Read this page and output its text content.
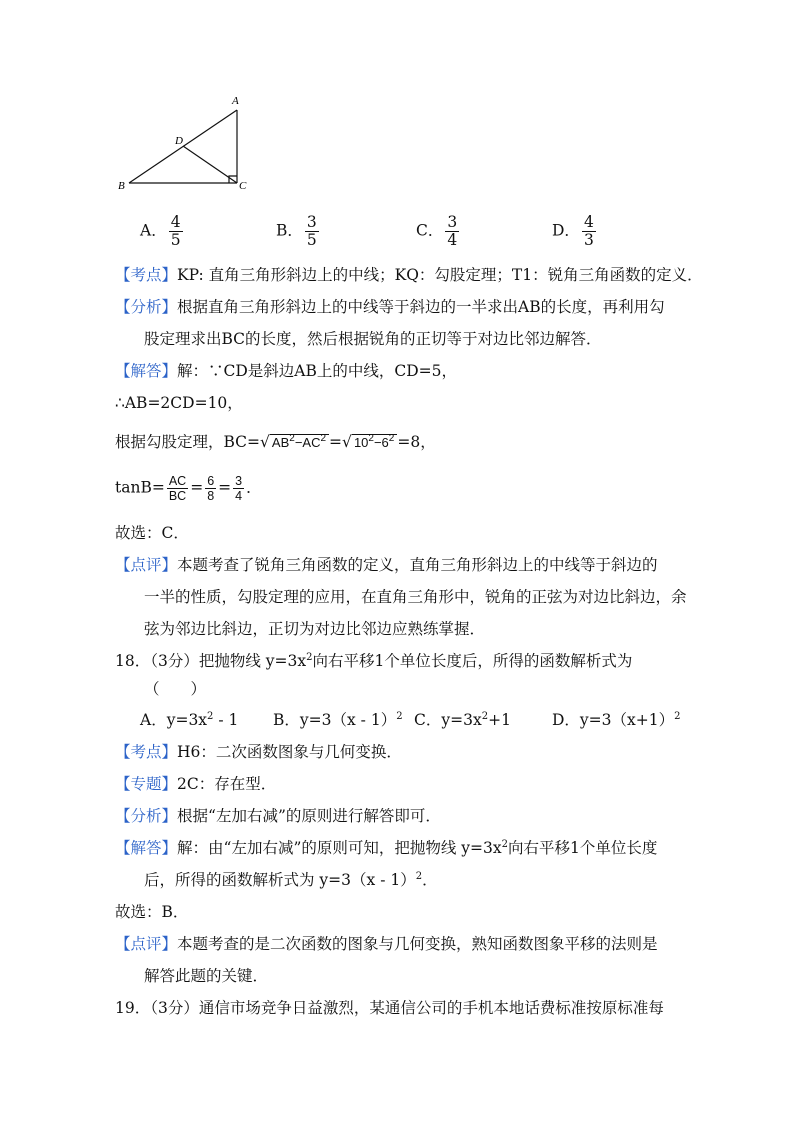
A
B	C
D
A． $\frac{4}{5}$	B． $\frac{3}{5}$	C． $\frac{3}{4}$	D． $\frac{4}{3}$
【考点】KP: 直角三角形斜边上的中线；KQ：勾股定理；T1：锐角三角函数的定义．
【分析】根据直角三角形斜边上的中线等于斜边的一半求出AB的长度，再利用勾
股定理求出BC的长度，然后根据锐角的正切等于对边比邻边解答．
【解答】解：∵CD是斜边AB上的中线，CD=5，
∴AB=2CD=10，
根据勾股定理，BC=√ $AB^2-AC^2$ =√ $10^2-6^2 =8$，
$\tan B= \frac{AC}{BC} = \frac{6}{8} = \frac{3}{4}$ ．
故选：C．
【点评】本题考查了锐角三角函数的定义，直角三角形斜边上的中线等于斜边的
一半的性质，勾股定理的应用，在直角三角形中，锐角的正弦为对边比斜边，余
弦为邻边比斜边，正切为对边比邻边应熟练掌握．
18．（3分）把抛物线 $y=3x^2$向右平移1个单位长度后，所得的函数解析式为
（　　）
A．$y=3x^2 - 1$ B．y=3（x - 1）$^2$ C．$y=3x^2+1$	D．$y=3(x+1)^2$
【考点】H6：二次函数图象与几何变换．
【专题】2C：存在型．
【分析】根据“左加右减”的原则进行解答即可．
【解答】解：由“左加右减”的原则可知，把抛物线 $y=3x^2$向右平移1个单位长度
后，所得的函数解析式为 y=3（x - 1）$^2$．
故选：B．
【点评】本题考查的是二次函数的图象与几何变换，熟知函数图象平移的法则是
解答此题的关键．
19．（3分）通信市场竞争日益激烈，某通信公司的手机本地话费标准按原标准每
